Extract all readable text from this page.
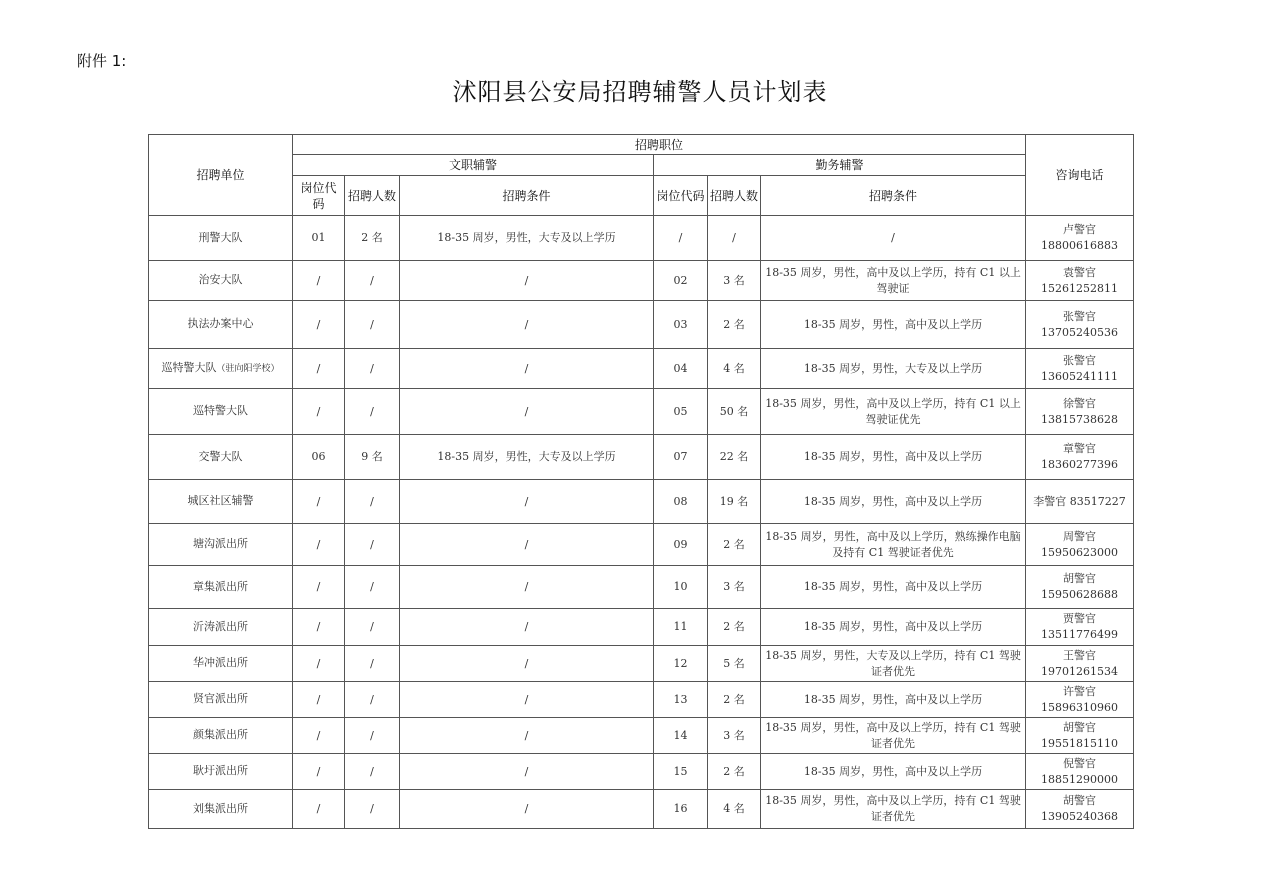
附件 1:
沭阳县公安局招聘辅警人员计划表
招聘单位	招聘职位						咨询电话
	文职辅警			勤务辅警			
	岗位代码	招聘人数	招聘条件	岗位代码	招聘人数	招聘条件	
刑警大队	01	2 名	18-35 周岁，男性，大专及以上学历	/	/	/	卢警官
18800616883

治安大队	/	/	/	02	3 名	18-35 周岁，男性，高中及以上学历，持有 C1 以上驾驶证	袁警官
15261252811

执法办案中心	/	/	/	03	2 名	18-35 周岁，男性，高中及以上学历	张警官
13705240536

巡特警大队（驻向阳学校）	/	/	/	04	4 名	18-35 周岁，男性，大专及以上学历	张警官
13605241111

巡特警大队	/	/	/	05	50 名	18-35 周岁，男性，高中及以上学历，持有 C1 以上驾驶证优先	徐警官
13815738628

交警大队	06	9 名	18-35 周岁，男性，大专及以上学历	07	22 名	18-35 周岁，男性，高中及以上学历	章警官
18360277396

城区社区辅警	/	/	/	08	19 名	18-35 周岁，男性，高中及以上学历	李警官 83517227

塘沟派出所	/	/	/	09	2 名	18-35 周岁，男性，高中及以上学历，熟练操作电脑及持有 C1 驾驶证者优先	周警官
15950623000

章集派出所	/	/	/	10	3 名	18-35 周岁，男性，高中及以上学历	胡警官
15950628688

沂涛派出所	/	/	/	11	2 名	18-35 周岁，男性，高中及以上学历	贾警官
13511776499

华冲派出所	/	/	/	12	5 名	18-35 周岁，男性，大专及以上学历，持有 C1 驾驶证者优先	王警官
19701261534

贤官派出所	/	/	/	13	2 名	18-35 周岁，男性，高中及以上学历	许警官
15896310960

颜集派出所	/	/	/	14	3 名	18-35 周岁，男性，高中及以上学历，持有 C1 驾驶证者优先	胡警官
19551815110

耿圩派出所	/	/	/	15	2 名	18-35 周岁，男性，高中及以上学历	倪警官
18851290000

刘集派出所	/	/	/	16	4 名	18-35 周岁，男性，高中及以上学历，持有 C1 驾驶证者优先	胡警官
13905240368
